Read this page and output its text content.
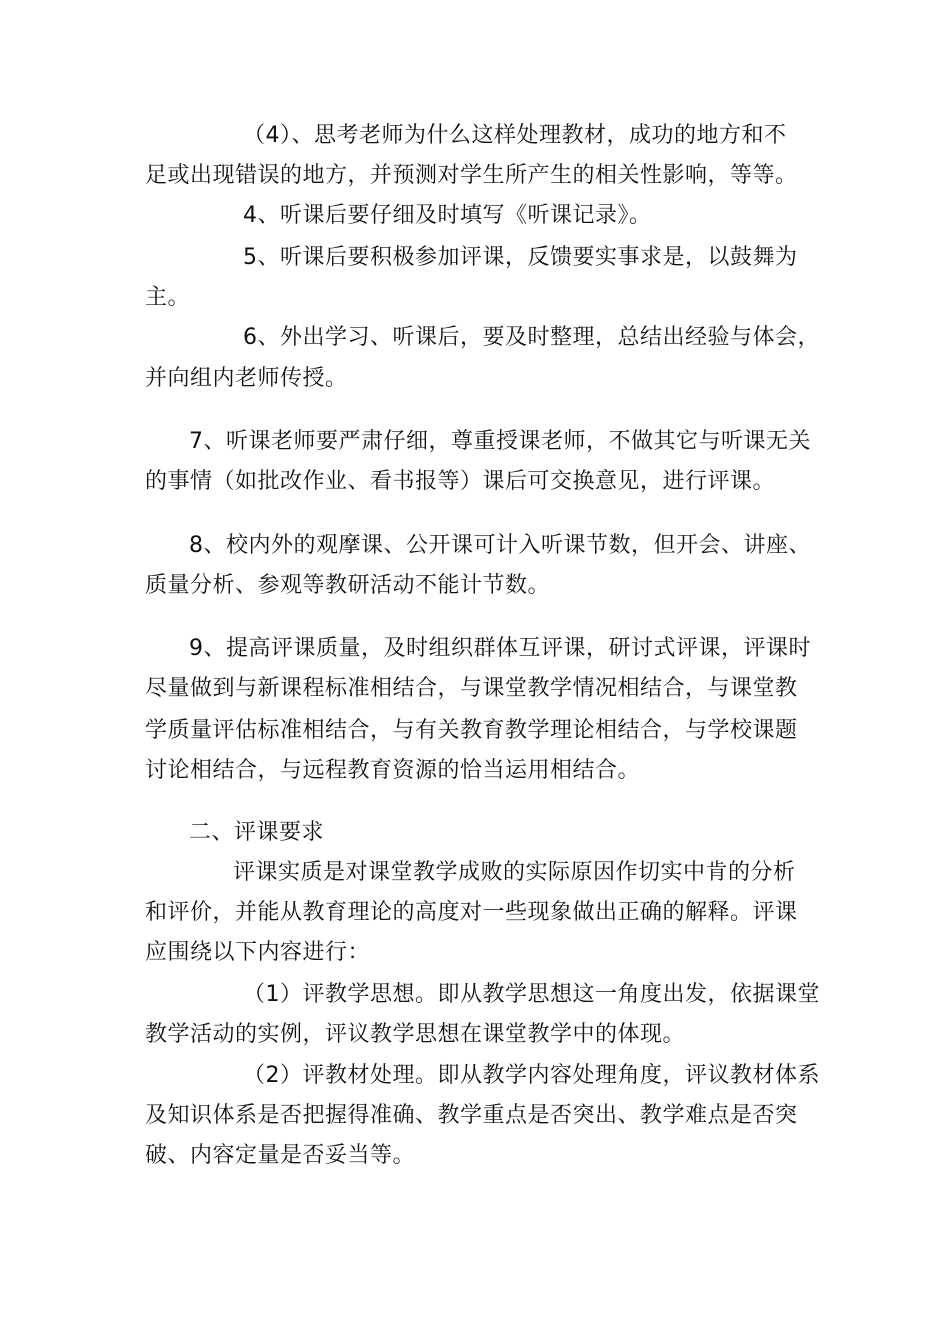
（4）、思考老师为什么这样处理教材，成功的地方和不
足或出现错误的地方，并预测对学生所产生的相关性影响，等等。
4、听课后要仔细及时填写《听课记录》。
5、听课后要积极参加评课，反馈要实事求是，以鼓舞为
主。
6、外出学习、听课后，要及时整理，总结出经验与体会，
并向组内老师传授。
7、听课老师要严肃仔细，尊重授课老师，不做其它与听课无关
的事情（如批改作业、看书报等）课后可交换意见，进行评课。
8、校内外的观摩课、公开课可计入听课节数，但开会、讲座、
质量分析、参观等教研活动不能计节数。
9、提高评课质量，及时组织群体互评课，研讨式评课，评课时
尽量做到与新课程标准相结合，与课堂教学情况相结合，与课堂教
学质量评估标准相结合，与有关教育教学理论相结合，与学校课题
讨论相结合，与远程教育资源的恰当运用相结合。
二、评课要求
评课实质是对课堂教学成败的实际原因作切实中肯的分析
和评价，并能从教育理论的高度对一些现象做出正确的解释。评课
应围绕以下内容进行：
（1）评教学思想。即从教学思想这一角度出发，依据课堂
教学活动的实例，评议教学思想在课堂教学中的体现。
（2）评教材处理。即从教学内容处理角度，评议教材体系
及知识体系是否把握得准确、教学重点是否突出、教学难点是否突
破、内容定量是否妥当等。
